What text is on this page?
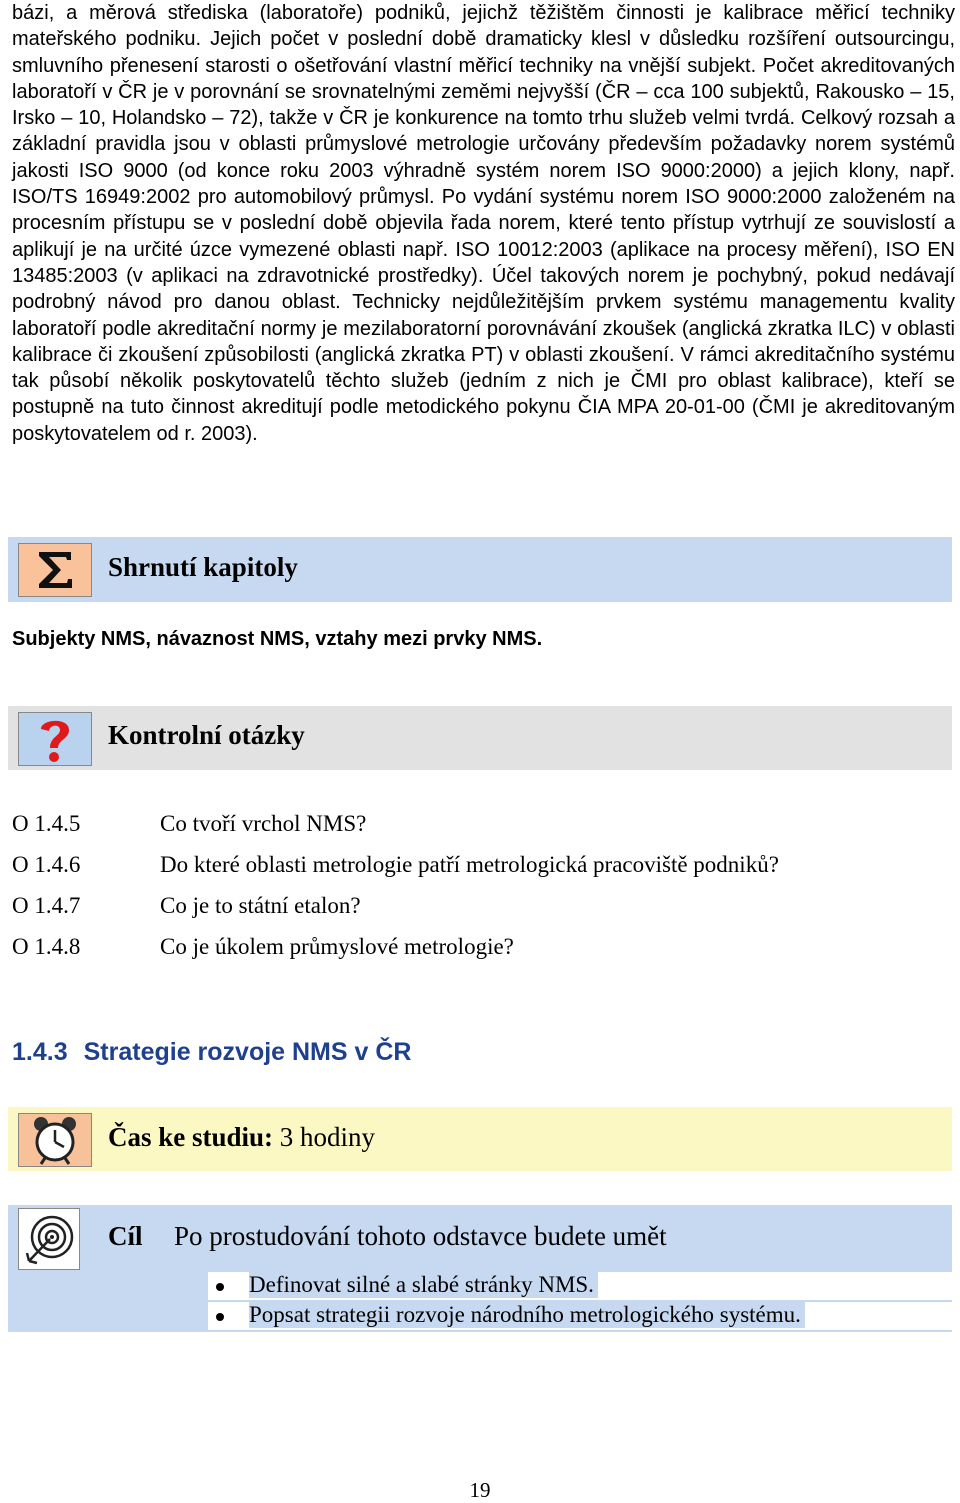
bázi, a měrová střediska (laboratoře) podniků, jejichž těžištěm činnosti je kalibrace měřicí techniky mateřského podniku. Jejich počet v poslední době dramaticky klesl v důsledku rozšíření outsourcingu, smluvního přenesení starosti o ošetřování vlastní měřicí techniky na vnější subjekt. Počet akreditovaných laboratoří v ČR je v porovnání se srovnatelnými zeměmi nejvyšší (ČR – cca 100 subjektů, Rakousko – 15, Irsko – 10, Holandsko – 72), takže v ČR je konkurence na tomto trhu služeb velmi tvrdá. Celkový rozsah a základní pravidla jsou v oblasti průmyslové metrologie určovány především požadavky norem systémů jakosti ISO 9000 (od konce roku 2003 výhradně systém norem ISO 9000:2000) a jejich klony, např. ISO/TS 16949:2002 pro automobilový průmysl. Po vydání systému norem ISO 9000:2000 založeném na procesním přístupu se v poslední době objevila řada norem, které tento přístup vytrhují ze souvislostí a aplikují je na určité úzce vymezené oblasti např. ISO 10012:2003 (aplikace na procesy měření), ISO EN 13485:2003 (v aplikaci na zdravotnické prostředky). Účel takových norem je pochybný, pokud nedávají podrobný návod pro danou oblast. Technicky nejdůležitějším prvkem systému managementu kvality laboratoří podle akreditační normy je mezilaboratorní porovnávání zkoušek (anglická zkratka ILC) v oblasti kalibrace či zkoušení způsobilosti (anglická zkratka PT) v oblasti zkoušení. V rámci akreditačního systému tak působí několik poskytovatelů těchto služeb (jedním z nich je ČMI pro oblast kalibrace), kteří se postupně na tuto činnost akreditují podle metodického pokynu ČIA MPA 20-01-00 (ČMI je akreditovaným poskytovatelem od r. 2003).

Shrnutí kapitoly
Subjekty NMS, návaznost NMS, vztahy mezi prvky NMS.
Kontrolní otázky
O 1.4.5	Co tvoří vrchol NMS?
O 1.4.6	Do které oblasti metrologie patří metrologická pracoviště podniků?
O 1.4.7	Co je to státní etalon?
O 1.4.8	Co je úkolem průmyslové metrologie?
1.4.3 Strategie rozvoje NMS v ČR
Čas ke studiu: 3 hodiny
Cíl Po prostudování tohoto odstavce budete umět
Definovat silné a slabé stránky NMS.
Popsat strategii rozvoje národního metrologického systému.
19
